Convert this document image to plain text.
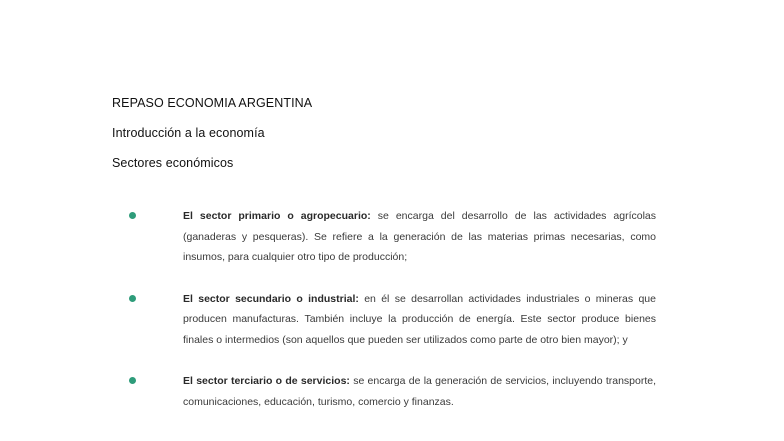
REPASO ECONOMIA ARGENTINA
Introducción a la economía
Sectores económicos
El sector primario o agropecuario: se encarga del desarrollo de las actividades agrícolas (ganaderas y pesqueras). Se refiere a la generación de las materias primas necesarias, como insumos, para cualquier otro tipo de producción;
El sector secundario o industrial: en él se desarrollan actividades industriales o mineras que producen manufacturas. También incluye la producción de energía. Este sector produce bienes finales o intermedios (son aquellos que pueden ser utilizados como parte de otro bien mayor); y
El sector terciario o de servicios: se encarga de la generación de servicios, incluyendo transporte, comunicaciones, educación, turismo, comercio y finanzas.
